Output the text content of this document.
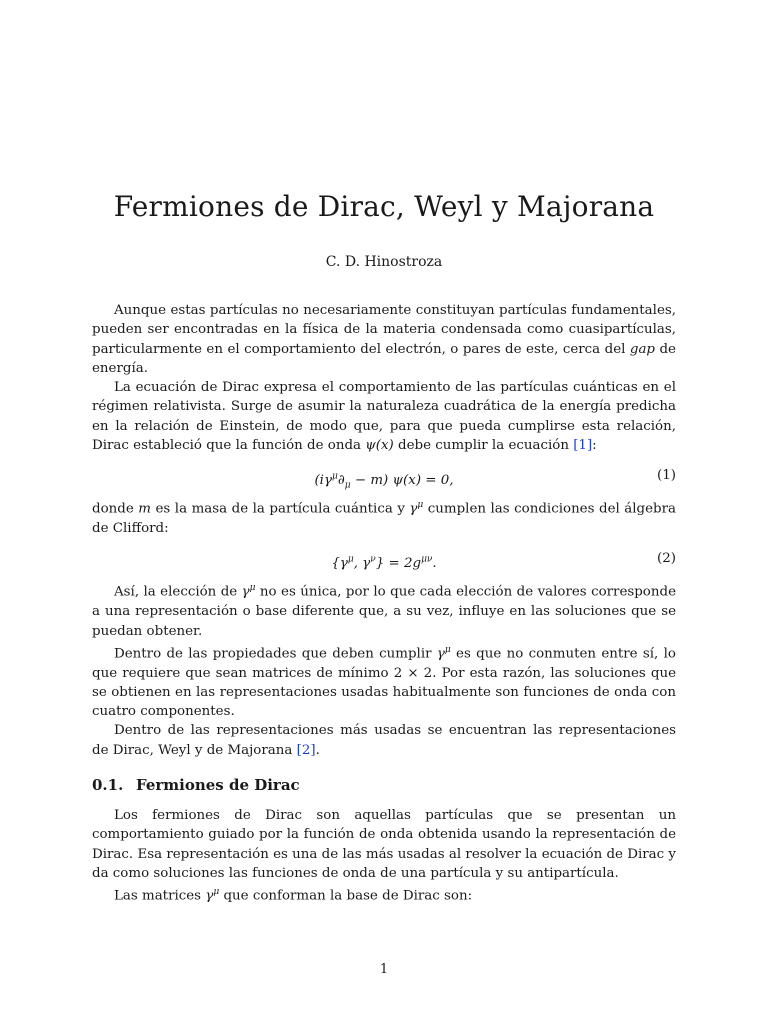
Fermiones de Dirac, Weyl y Majorana
C. D. Hinostroza

Aunque estas partículas no necesariamente constituyan partículas fundamentales, pueden ser encontradas en la física de la materia condensada como cuasipartículas, particularmente en el comportamiento del electrón, o pares de este, cerca del gap de energía.

La ecuación de Dirac expresa el comportamiento de las partículas cuánticas en el régimen relativista. Surge de asumir la naturaleza cuadrática de la energía predicha en la relación de Einstein, de modo que, para que pueda cumplirse esta relación, Dirac estableció que la función de onda ψ(x) debe cumplir la ecuación [1]:

$(i\gamma^\mu\partial_\mu - m) \psi(x) = 0$,	(1)

donde m es la masa de la partícula cuántica y $\gamma^\mu$ cumplen las condiciones del álgebra de Clifford:

{$\gamma^\mu$, $\gamma^\nu\} = 2g^{\mu\nu}$.	(2)

Así, la elección de $\gamma^\mu$ no es única, por lo que cada elección de valores corresponde a una representación o base diferente que, a su vez, influye en las soluciones que se puedan obtener.

Dentro de las propiedades que deben cumplir $\gamma^\mu$ es que no conmuten entre sí, lo que requiere que sean matrices de mínimo 2 × 2. Por esta razón, las soluciones que se obtienen en las representaciones usadas habitualmente son funciones de onda con cuatro componentes.

Dentro de las representaciones más usadas se encuentran las representaciones de Dirac, Weyl y de Majorana [2].

0.1. Fermiones de Dirac

Los fermiones de Dirac son aquellas partículas que se presentan un comportamiento guiado por la función de onda obtenida usando la representación de Dirac. Esa representación es una de las más usadas al resolver la ecuación de Dirac y da como soluciones las funciones de onda de una partícula y su antipartícula.

Las matrices $\gamma^\mu$ que conforman la base de Dirac son:

1
